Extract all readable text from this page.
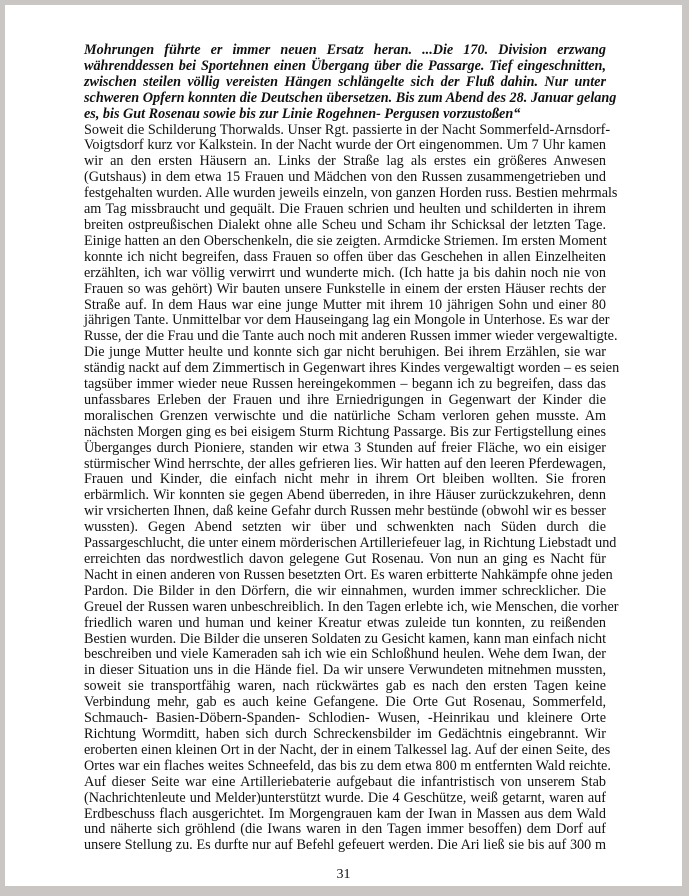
Mohrungen führte er immer neuen Ersatz heran. ...Die 170. Division erzwang
währenddessen bei Sportehnen einen Übergang über die Passarge. Tief eingeschnitten,
zwischen steilen völlig vereisten Hängen schlängelte sich der Fluß dahin. Nur unter
schweren Opfern konnten die Deutschen übersetzen. Bis zum Abend des 28. Januar gelang
es, bis Gut Rosenau sowie bis zur Linie Rogehnen- Pergusen vorzustoßen“
Soweit die Schilderung Thorwalds. Unser Rgt. passierte in der Nacht Sommerfeld-Arnsdorf-
Voigtsdorf kurz vor Kalkstein. In der Nacht wurde der Ort eingenommen. Um 7 Uhr kamen
wir an den ersten Häusern an. Links der Straße lag als erstes ein größeres Anwesen
(Gutshaus) in dem etwa 15 Frauen und Mädchen von den Russen zusammengetrieben und
festgehalten wurden. Alle wurden jeweils einzeln, von ganzen Horden russ. Bestien mehrmals
am Tag missbraucht und gequält. Die Frauen schrien und heulten und schilderten in ihrem
breiten ostpreußischen Dialekt ohne alle Scheu und Scham ihr Schicksal der letzten Tage.
Einige hatten an den Oberschenkeln, die sie zeigten. Armdicke Striemen. Im ersten Moment
konnte ich nicht begreifen, dass Frauen so offen über das Geschehen in allen Einzelheiten
erzählten, ich war völlig verwirrt und wunderte mich. (Ich hatte ja bis dahin noch nie von
Frauen so was gehört) Wir bauten unsere Funkstelle in einem der ersten Häuser rechts der
Straße auf. In dem Haus war eine junge Mutter mit ihrem 10 jährigen Sohn und einer 80
jährigen Tante. Unmittelbar vor dem Hauseingang lag ein Mongole in Unterhose. Es war der
Russe, der die Frau und die Tante auch noch mit anderen Russen immer wieder vergewaltigte.
Die junge Mutter heulte und konnte sich gar nicht beruhigen. Bei ihrem Erzählen, sie war
ständig nackt auf dem Zimmertisch in Gegenwart ihres Kindes vergewaltigt worden – es seien
tagsüber immer wieder neue Russen hereingekommen – begann ich zu begreifen, dass das
unfassbares Erleben der Frauen und ihre Erniedrigungen in Gegenwart der Kinder die
moralischen Grenzen verwischte und die natürliche Scham verloren gehen musste. Am
nächsten Morgen ging es bei eisigem Sturm Richtung Passarge. Bis zur Fertigstellung eines
Überganges durch Pioniere, standen wir etwa 3 Stunden auf freier Fläche, wo ein eisiger
stürmischer Wind herrschte, der alles gefrieren lies. Wir hatten auf den leeren Pferdewagen,
Frauen und Kinder, die einfach nicht mehr in ihrem Ort bleiben wollten. Sie froren
erbärmlich. Wir konnten sie gegen Abend überreden, in ihre Häuser zurückzukehren, denn
wir vrsicherten Ihnen, daß keine Gefahr durch Russen mehr bestünde (obwohl wir es besser
wussten). Gegen Abend setzten wir über und schwenkten nach Süden durch die
Passargeschlucht, die unter einem mörderischen Artilleriefeuer lag, in Richtung Liebstadt und
erreichten das nordwestlich davon gelegene Gut Rosenau. Von nun an ging es Nacht für
Nacht in einen anderen von Russen besetzten Ort. Es waren erbitterte Nahkämpfe ohne jeden
Pardon. Die Bilder in den Dörfern, die wir einnahmen, wurden immer schrecklicher. Die
Greuel der Russen waren unbeschreiblich. In den Tagen erlebte ich, wie Menschen, die vorher
friedlich waren und human und keiner Kreatur etwas zuleide tun konnten, zu reißenden
Bestien wurden. Die Bilder die unseren Soldaten zu Gesicht kamen, kann man einfach nicht
beschreiben und viele Kameraden sah ich wie ein Schloßhund heulen. Wehe dem Iwan, der
in dieser Situation uns in die Hände fiel. Da wir unsere Verwundeten mitnehmen mussten,
soweit sie transportfähig waren, nach rückwärtes gab es nach den ersten Tagen keine
Verbindung mehr, gab es auch keine Gefangene. Die Orte Gut Rosenau, Sommerfeld,
Schmauch- Basien-Döbern-Spanden- Schlodien- Wusen, -Heinrikau und kleinere Orte
Richtung Wormditt, haben sich durch Schreckensbilder im Gedächtnis eingebrannt. Wir
eroberten einen kleinen Ort in der Nacht, der in einem Talkessel lag. Auf der einen Seite, des
Ortes war ein flaches weites Schneefeld, das bis zu dem etwa 800 m entfernten Wald reichte.
Auf dieser Seite war eine Artilleriebaterie aufgebaut die infantristisch von unserem Stab
(Nachrichtenleute und Melder)unterstützt wurde. Die 4 Geschütze, weiß getarnt, waren auf
Erdbeschuss flach ausgerichtet. Im Morgengrauen kam der Iwan in Massen aus dem Wald
und näherte sich gröhlend (die Iwans waren in den Tagen immer besoffen) dem Dorf auf
unsere Stellung zu. Es durfte nur auf Befehl gefeuert werden. Die Ari ließ sie bis auf 300 m
31
